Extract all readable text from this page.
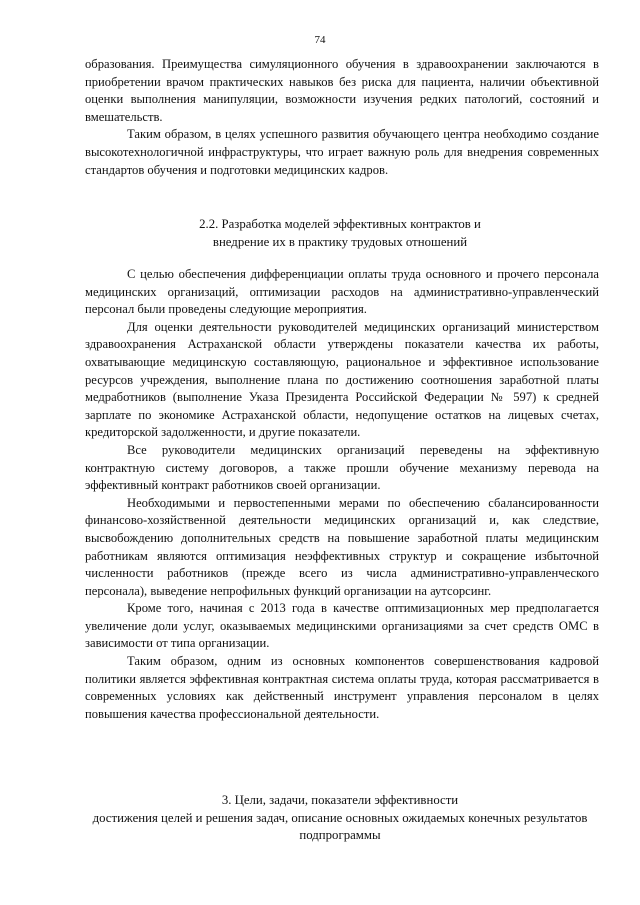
74

образования. Преимущества симуляционного обучения в здравоохранении заключаются в приобретении врачом практических навыков без риска для пациента, наличии объективной оценки выполнения манипуляции, возможности изучения редких патологий, состояний и вмешательств.

Таким образом, в целях успешного развития обучающего центра необходимо создание высокотехнологичной инфраструктуры, что играет важную роль для внедрения современных стандартов обучения и подготовки медицинских кадров.

2.2. Разработка моделей эффективных контрактов и
внедрение их в практику трудовых отношений

С целью обеспечения дифференциации оплаты труда основного и прочего персонала медицинских организаций, оптимизации расходов на административно-управленческий персонал были проведены следующие мероприятия.

Для оценки деятельности руководителей медицинских организаций министерством здравоохранения Астраханской области утверждены показатели качества их работы, охватывающие медицинскую составляющую, рациональное и эффективное использование ресурсов учреждения, выполнение плана по достижению соотношения заработной платы медработников (выполнение Указа Президента Российской Федерации № 597) к средней зарплате по экономике Астраханской области, недопущение остатков на лицевых счетах, кредиторской задолженности, и другие показатели.

Все руководители медицинских организаций переведены на эффективную контрактную систему договоров, а также прошли обучение механизму перевода на эффективный контракт работников своей организации.

Необходимыми и первостепенными мерами по обеспечению сбалансированности финансово-хозяйственной деятельности медицинских организаций и, как следствие, высвобождению дополнительных средств на повышение заработной платы медицинским работникам являются оптимизация неэффективных структур и сокращение избыточной численности работников (прежде всего из числа административно-управленческого персонала), выведение непрофильных функций организации на аутсорсинг.

Кроме того, начиная с 2013 года в качестве оптимизационных мер предполагается увеличение доли услуг, оказываемых медицинскими организациями за счет средств ОМС в зависимости от типа организации.

Таким образом, одним из основных компонентов совершенствования кадровой политики является эффективная контрактная система оплаты труда, которая рассматривается в современных условиях как действенный инструмент управления персоналом в целях повышения качества профессиональной деятельности.

3. Цели, задачи, показатели эффективности
достижения целей и решения задач, описание основных ожидаемых конечных результатов подпрограммы
